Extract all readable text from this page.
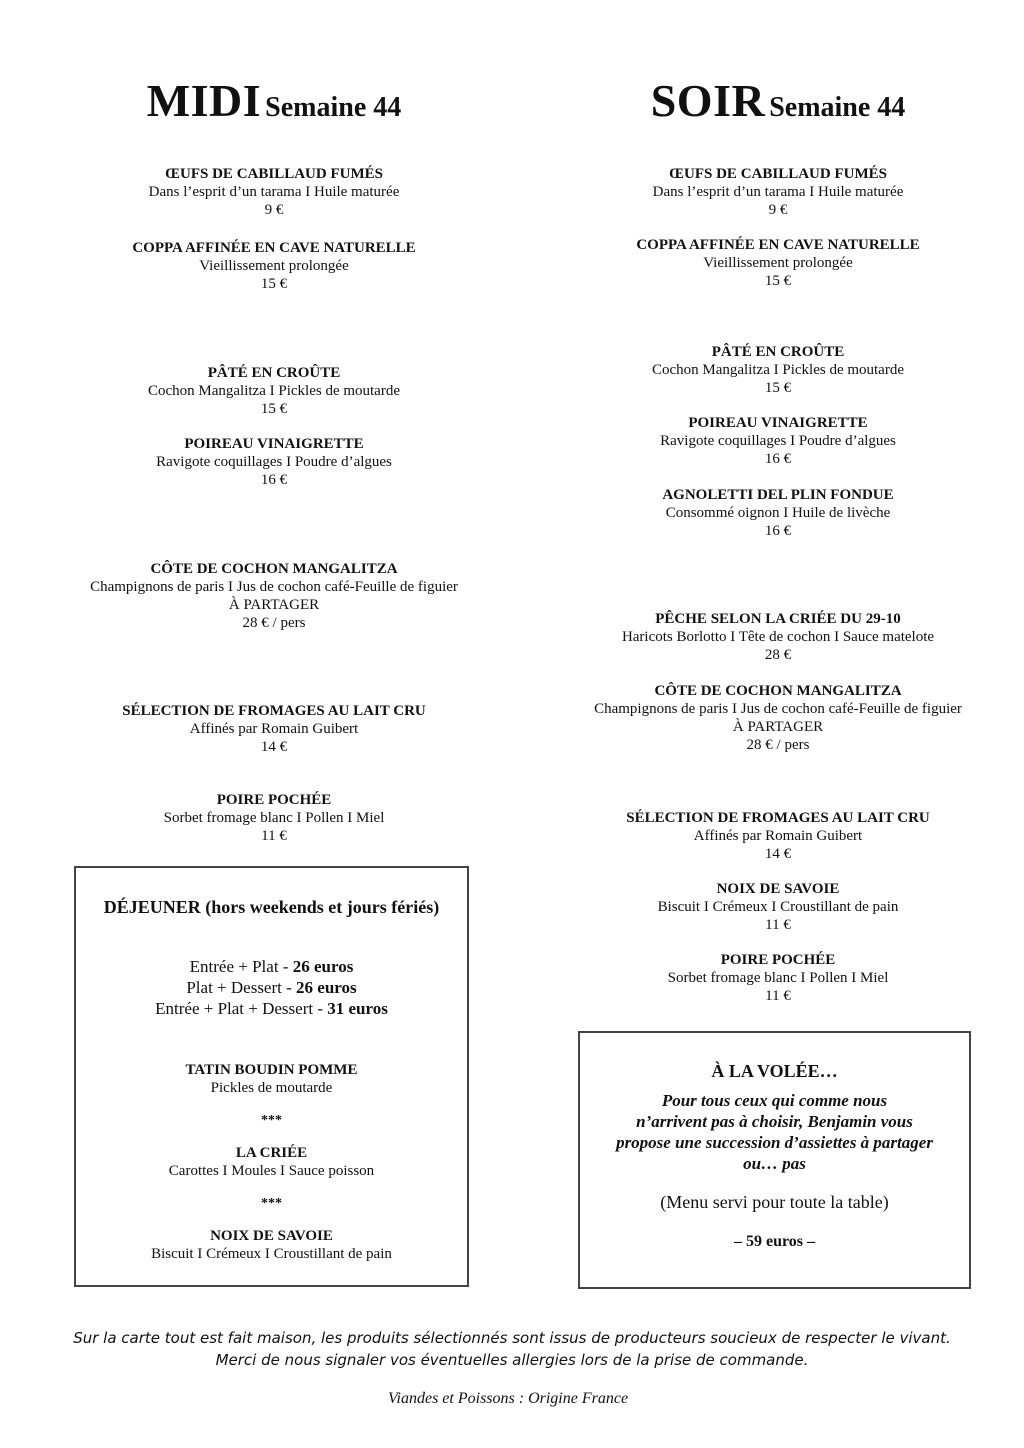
MIDI Semaine 44
ŒUFS DE CABILLAUD FUMÉS
Dans l’esprit d’un tarama I Huile maturée
9 €
COPPA AFFINÉE EN CAVE NATURELLE
Vieillissement prolongée
15 €
PÂTÉ EN CROÛTE
Cochon Mangalitza I Pickles de moutarde
15 €
POIREAU VINAIGRETTE
Ravigote coquillages I Poudre d’algues
16 €
CÔTE DE COCHON MANGALITZA
Champignons de paris I Jus de cochon café-Feuille de figuier
À PARTAGER
28 € / pers
SÉLECTION DE FROMAGES AU LAIT CRU
Affinés par Romain Guibert
14 €
POIRE POCHÉE
Sorbet fromage blanc I Pollen I Miel
11 €
DÉJEUNER (hors weekends et jours fériés)
Entrée + Plat - 26 euros
Plat + Dessert - 26 euros
Entrée + Plat + Dessert - 31 euros
TATIN BOUDIN POMME
Pickles de moutarde
***
LA CRIÉE
Carottes I Moules I Sauce poisson
***
NOIX DE SAVOIE
Biscuit I Crémeux I Croustillant de pain
SOIR Semaine 44
ŒUFS DE CABILLAUD FUMÉS
Dans l’esprit d’un tarama I Huile maturée
9 €
COPPA AFFINÉE EN CAVE NATURELLE
Vieillissement prolongée
15 €
PÂTÉ EN CROÛTE
Cochon Mangalitza I Pickles de moutarde
15 €
POIREAU VINAIGRETTE
Ravigote coquillages I Poudre d’algues
16 €
AGNOLETTI DEL PLIN FONDUE
Consommé oignon I Huile de livèche
16 €
PÊCHE SELON LA CRIÉE DU 29-10
Haricots Borlotto I Tête de cochon I Sauce matelote
28 €
CÔTE DE COCHON MANGALITZA
Champignons de paris I Jus de cochon café-Feuille de figuier
À PARTAGER
28 € / pers
SÉLECTION DE FROMAGES AU LAIT CRU
Affinés par Romain Guibert
14 €
NOIX DE SAVOIE
Biscuit I Crémeux I Croustillant de pain
11 €
POIRE POCHÉE
Sorbet fromage blanc I Pollen I Miel
11 €
À LA VOLÉE…
Pour tous ceux qui comme nous
n’arrivent pas à choisir, Benjamin vous
propose une succession d’assiettes à partager
ou… pas
(Menu servi pour toute la table)
– 59 euros –
Sur la carte tout est fait maison, les produits sélectionnés sont issus de producteurs soucieux de respecter le vivant.
Merci de nous signaler vos éventuelles allergies lors de la prise de commande.
Viandes et Poissons : Origine France
